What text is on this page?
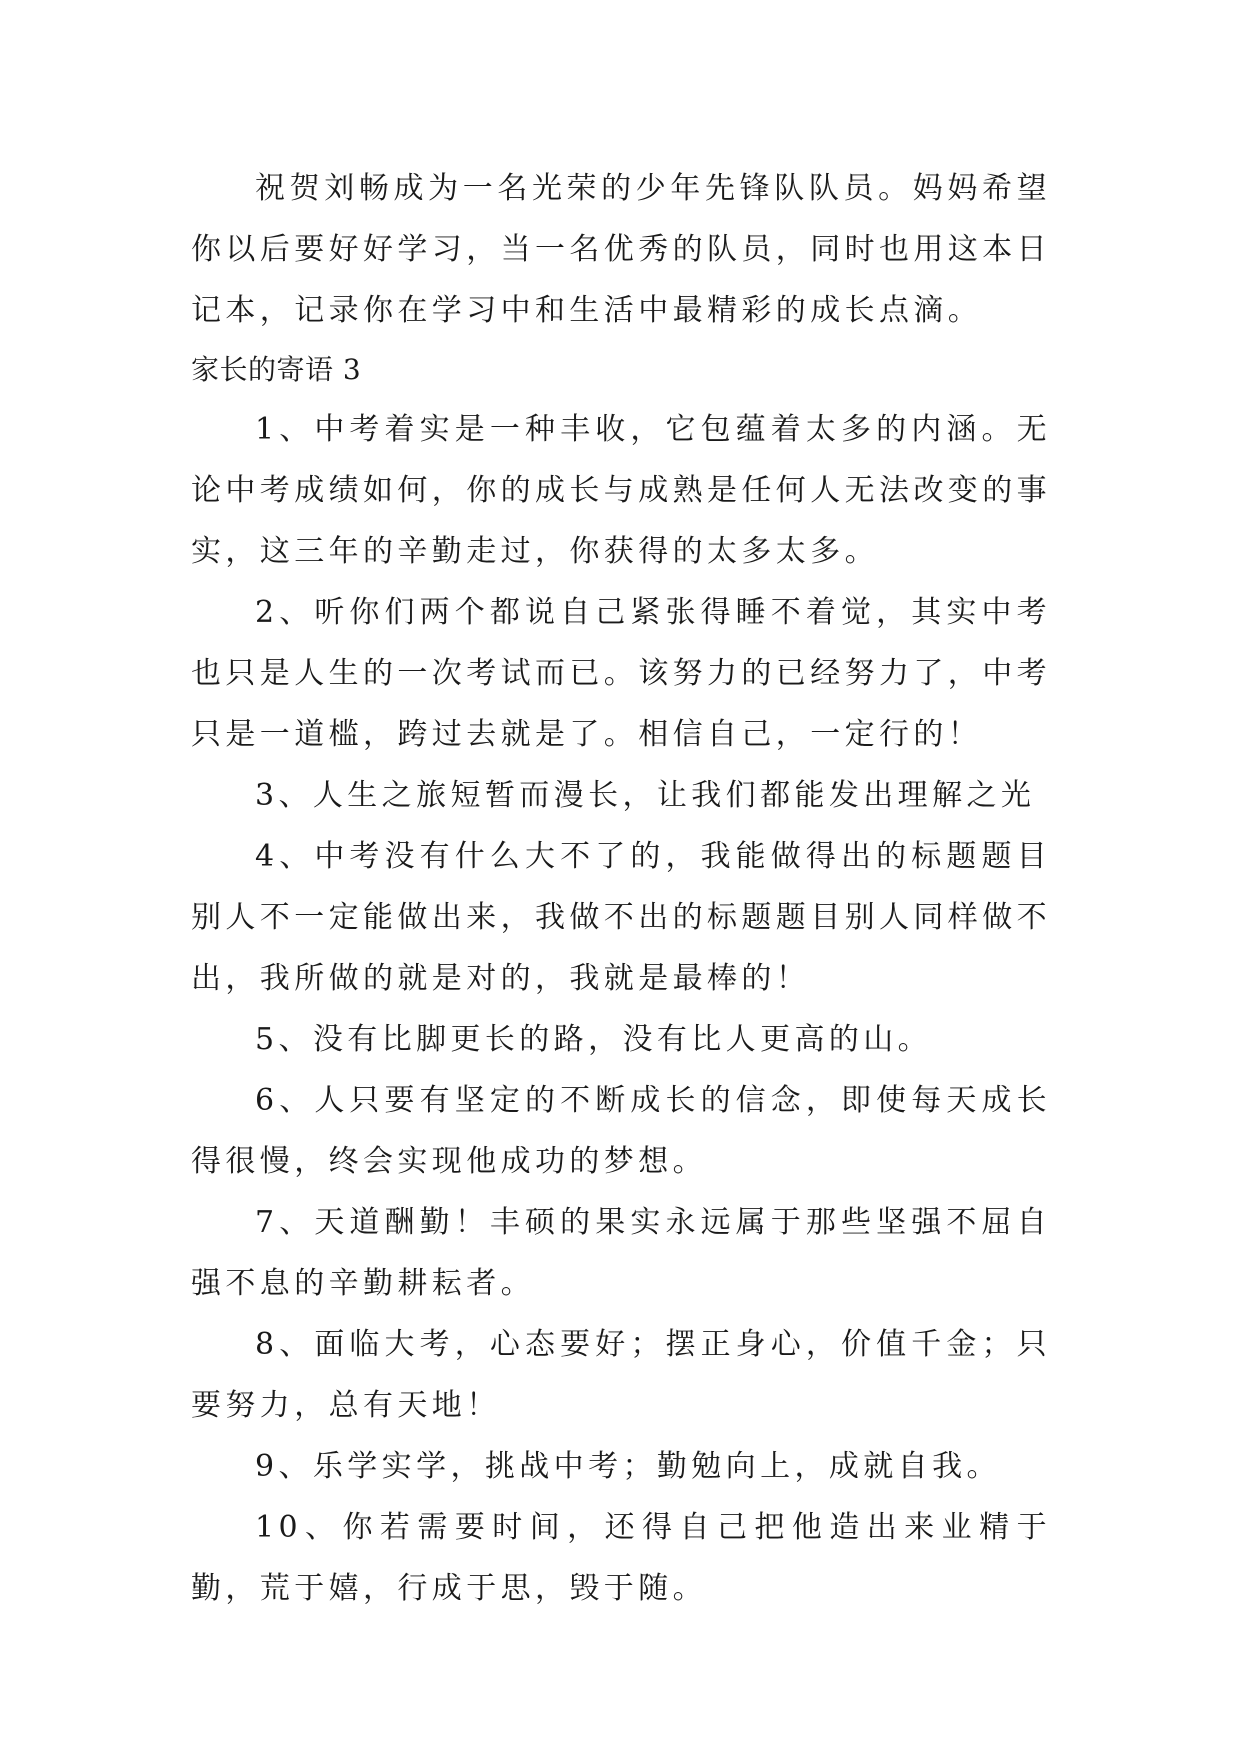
祝贺刘畅成为一名光荣的少年先锋队队员。妈妈希望你以后要好好学习，当一名优秀的队员，同时也用这本日记本，记录你在学习中和生活中最精彩的成长点滴。

家长的寄语 3

1、中考着实是一种丰收，它包蕴着太多的内涵。无论中考成绩如何，你的成长与成熟是任何人无法改变的事实，这三年的辛勤走过，你获得的太多太多。

2、听你们两个都说自己紧张得睡不着觉，其实中考也只是人生的一次考试而已。该努力的已经努力了，中考只是一道槛，跨过去就是了。相信自己，一定行的！

3、人生之旅短暂而漫长，让我们都能发出理解之光

4、中考没有什么大不了的，我能做得出的标题题目别人不一定能做出来，我做不出的标题题目别人同样做不出，我所做的就是对的，我就是最棒的！

5、没有比脚更长的路，没有比人更高的山。

6、人只要有坚定的不断成长的信念，即使每天成长得很慢，终会实现他成功的梦想。

7、天道酬勤！丰硕的果实永远属于那些坚强不屈自强不息的辛勤耕耘者。

8、面临大考，心态要好；摆正身心，价值千金；只要努力，总有天地！

9、乐学实学，挑战中考；勤勉向上，成就自我。

10、你若需要时间，还得自己把他造出来业精于勤，荒于嬉，行成于思，毁于随。
